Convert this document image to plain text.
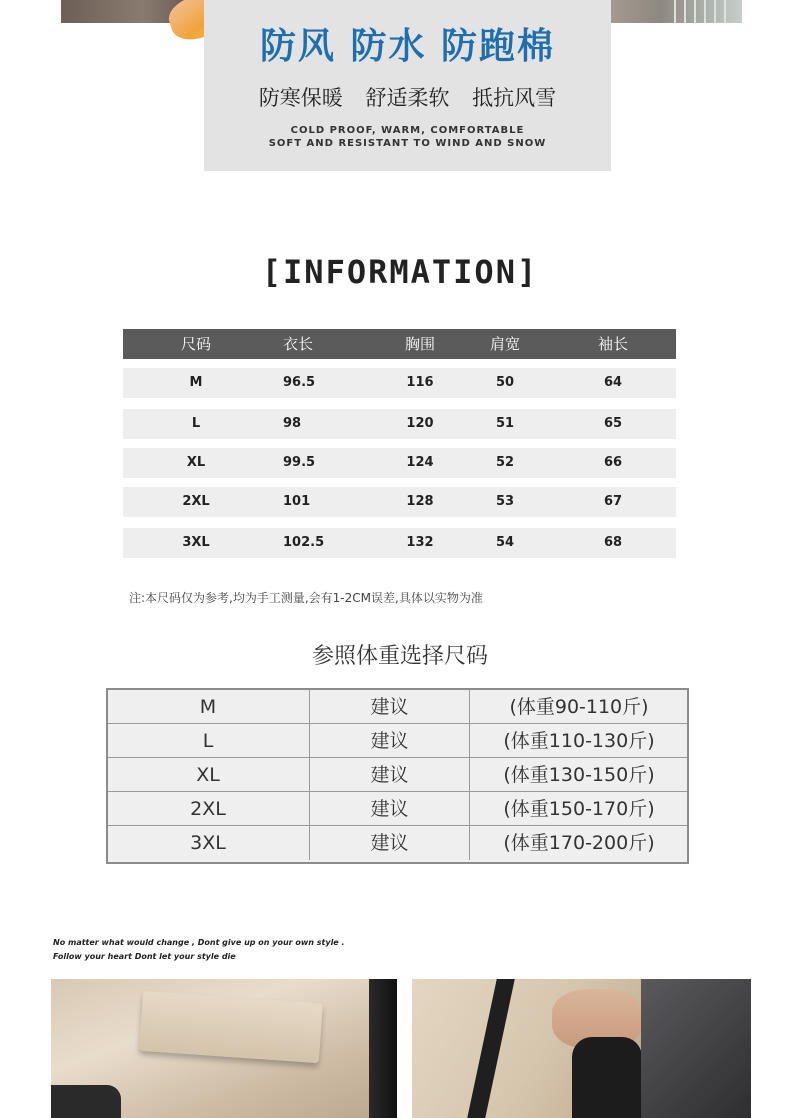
防风 防水 防跑棉
防寒保暖 舒适柔软 抵抗风雪
COLD PROOF, WARM, COMFORTABLE
SOFT AND RESISTANT TO WIND AND SNOW
[INFORMATION]
尺码	衣长	胸围	肩宽	袖长
M	96.5	116	50	64
L	98	120	51	65
XL	99.5	124	52	66
2XL	101	128	53	67
3XL	102.5	132	54	68
注:本尺码仅为参考,均为手工测量,会有1-2CM误差,具体以实物为准
参照体重选择尺码
M	建议	(体重90-110斤)
L	建议	(体重110-130斤)
XL	建议	(体重130-150斤)
2XL	建议	(体重150-170斤)
3XL	建议	(体重170-200斤)
No matter what would change , Dont give up on your own style .
Follow your heart Dont let your style die
